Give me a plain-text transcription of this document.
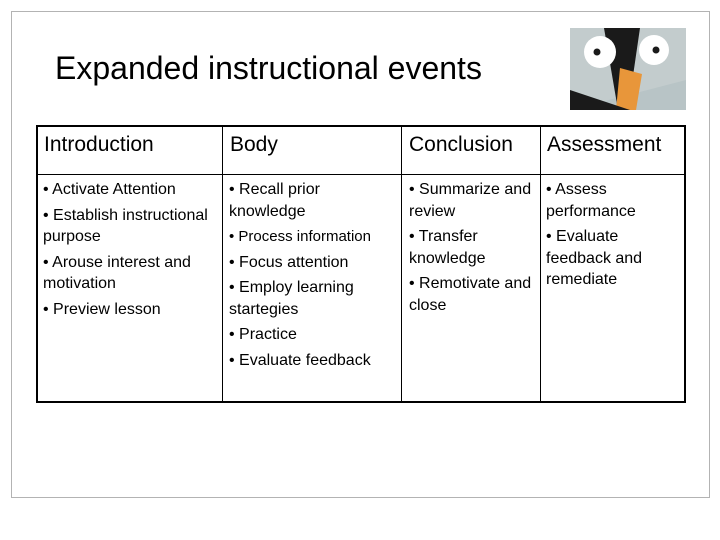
Expanded instructional events
Introduction	Body	Conclusion Assessment
• Activate Attention
• Establish instructional purpose
• Arouse interest and motivation
• Preview lesson
• Recall prior knowledge
• Process information
• Focus attention
• Employ learning startegies
• Practice
• Evaluate feedback
• Summarize and review
• Transfer knowledge
• Remotivate and close
• Assess performance
• Evaluate feedback and remediate
